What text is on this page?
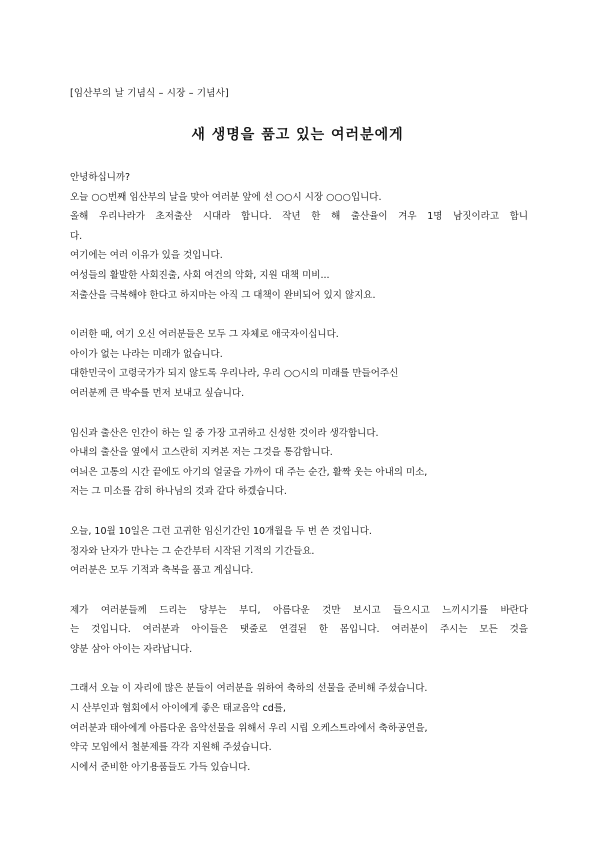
[임산부의 날 기념식 – 시장 – 기념사]
새 생명을 품고 있는 여러분에게
안녕하십니까?
오늘 ○○번째 임산부의 날을 맞아 여러분 앞에 선 ○○시 시장 ○○○입니다.
올해 우리나라가 초저출산 시대라 합니다. 작년 한 해 출산율이 겨우 1명 남짓이라고 합니
다.
여기에는 여러 이유가 있을 것입니다.
여성들의 활발한 사회진출, 사회 여건의 악화, 지원 대책 미비...
저출산을 극복해야 한다고 하지마는 아직 그 대책이 완비되어 있지 않지요.
이러한 때, 여기 오신 여러분들은 모두 그 자체로 애국자이십니다.
아이가 없는 나라는 미래가 없습니다.
대한민국이 고령국가가 되지 않도록 우리나라, 우리 ○○시의 미래를 만들어주신
여러분께 큰 박수를 먼저 보내고 싶습니다.
임신과 출산은 인간이 하는 일 중 가장 고귀하고 신성한 것이라 생각합니다.
아내의 출산을 옆에서 고스란히 지켜본 저는 그것을 통감합니다.
여늬은 고통의 시간 끝에도 아기의 얼굴을 가까이 대 주는 순간, 활짝 웃는 아내의 미소,
저는 그 미소를 감히 하나님의 것과 같다 하겠습니다.
오늘, 10월 10일은 그런 고귀한 임신기간인 10개월을 두 번 쓴 것입니다.
정자와 난자가 만나는 그 순간부터 시작된 기적의 기간들요.
여러분은 모두 기적과 축복을 품고 계십니다.
제가 여러분들께 드리는 당부는 부디, 아름다운 것만 보시고 들으시고 느끼시기를 바란다
는 것입니다. 여러분과 아이들은 탯줄로 연결된 한 몸입니다. 여러분이 주시는 모든 것을
양분 삼아 아이는 자라납니다.
그래서 오늘 이 자리에 많은 분들이 여러분을 위하여 축하의 선물을 준비해 주셨습니다.
시 산부인과 협회에서 아이에게 좋은 태교음악 cd를,
여러분과 태아에게 아름다운 음악선물을 위해서 우리 시립 오케스트라에서 축하공연을,
약국 모임에서 철분제를 각각 지원해 주셨습니다.
시에서 준비한 아기용품들도 가득 있습니다.
